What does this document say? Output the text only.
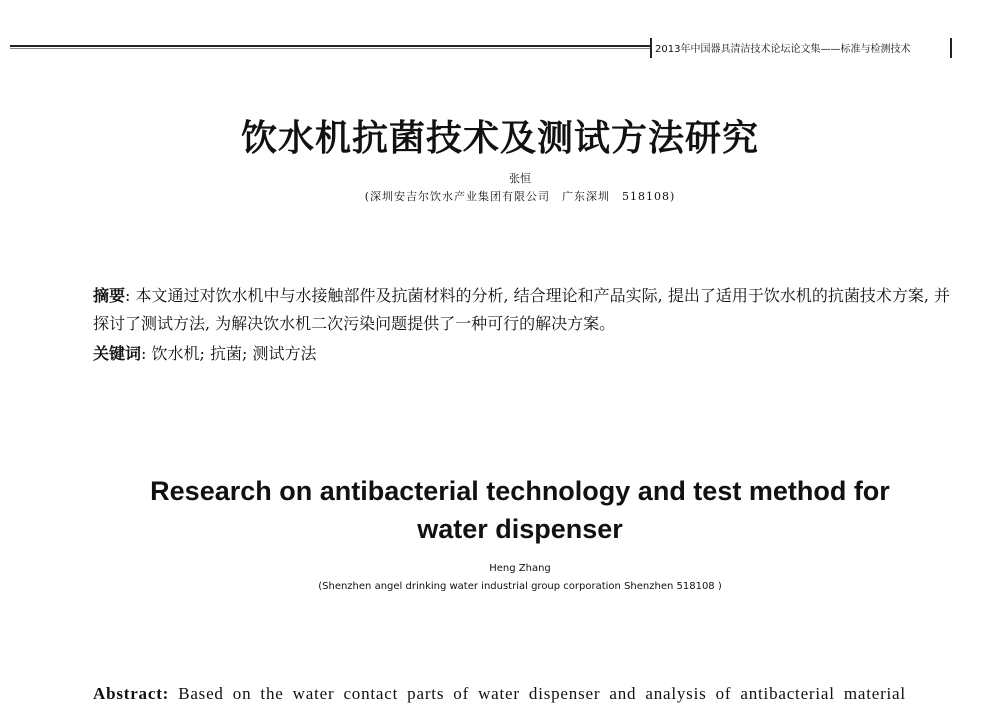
2013年中国器具清洁技术论坛论文集——标准与检测技术
饮水机抗菌技术及测试方法研究
张恒
(深圳安吉尔饮水产业集团有限公司　广东深圳　518108)
摘要: 本文通过对饮水机中与水接触部件及抗菌材料的分析, 结合理论和产品实际, 提出了适用于饮水机的抗菌技术方案, 并探讨了测试方法, 为解决饮水机二次污染问题提供了一种可行的解决方案。
关键词: 饮水机; 抗菌; 测试方法
Research on antibacterial technology and test method for
water dispenser
Heng Zhang
(Shenzhen angel drinking water industrial group corporation Shenzhen 518108 )
Abstract: Based on the water contact parts of water dispenser and analysis of antibacterial material
